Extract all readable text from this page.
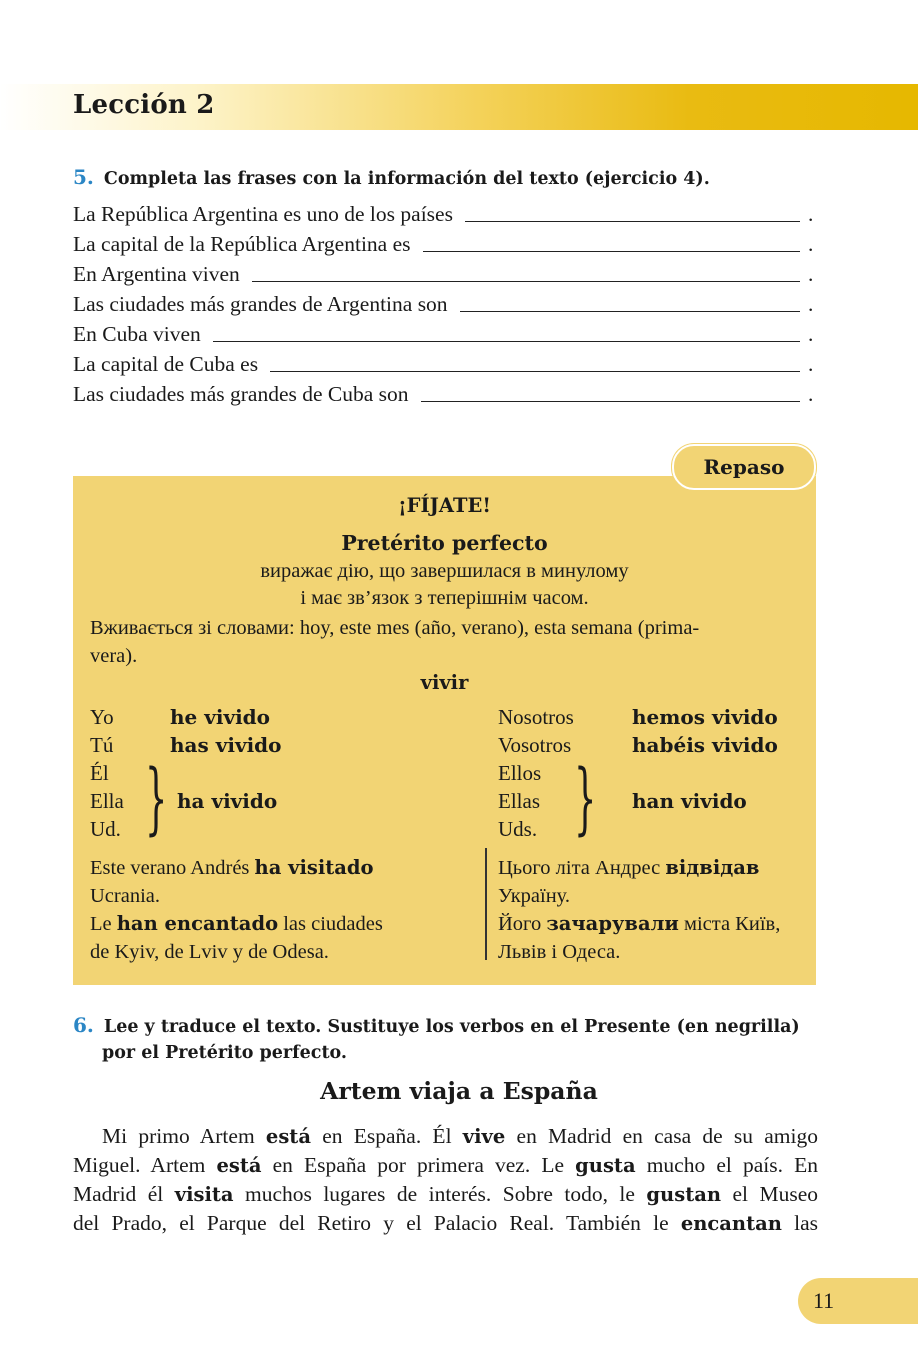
Lección 2
5. Completa las frases con la información del texto (ejercicio 4).
La República Argentina es uno de los países	.
La capital de la República Argentina es	.
En Argentina viven	.
Las ciudades más grandes de Argentina son	.
En Cuba viven	.
La capital de Cuba es	.
Las ciudades más grandes de Cuba son	.
¡FÍJATE!
Pretérito perfecto
виражає дію, що завершилася в минулому
і має зв’язок з теперішнім часом.
Вживається зі словами: hoy, este mes (año, verano), esta semana (prima-
vera).
vivir
Yo	he vivido
Tú	has vivido
Él
Ella
Ud. } ha vivido
Nosotros	hemos vivido
Vosotros	habéis vivido
Ellos
Ellas
Uds. } han vivido
Este verano Andrés ha visitado
Ucrania.
Le han encantado las ciudades
de Kyiv, de Lviv y de Odesa.
Цього літа Андрес відвідав
Україну.
Його зачарували міста Київ,
Львів і Одеса.
Repaso
6. Lee y traduce el texto. Sustituye los verbos en el Presente (en negrilla)
por el Pretérito perfecto.
Artem viaja a España
Mi primo Artem está en España. Él vive en Madrid en casa de su amigo
Miguel. Artem está en España por primera vez. Le gusta mucho el país. En
Madrid él visita muchos lugares de interés. Sobre todo, le gustan el Museo
del Prado, el Parque del Retiro y el Palacio Real. También le encantan las
11
